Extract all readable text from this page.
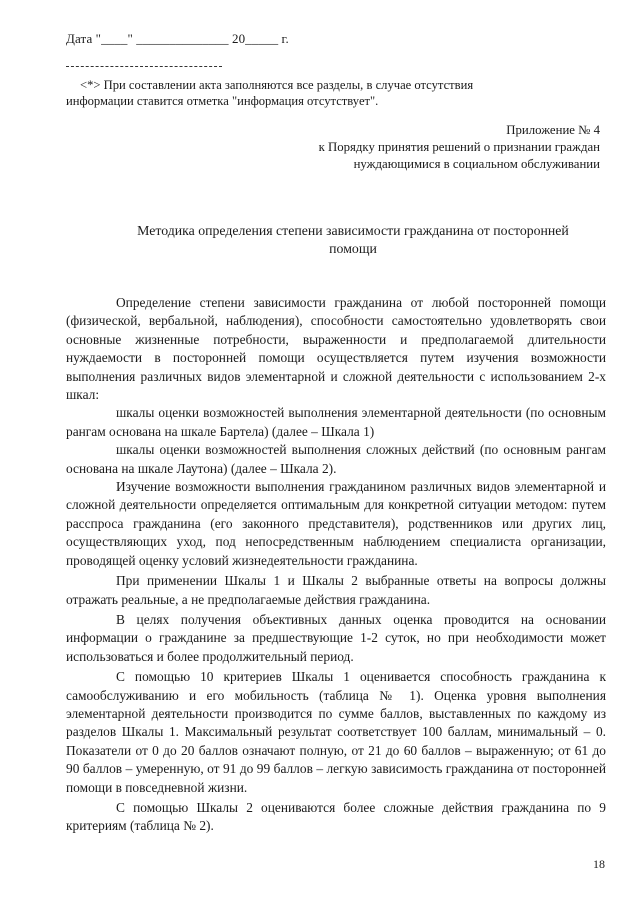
Дата "____" ______________ 20_____ г.
<*> При составлении акта заполняются все разделы, в случае отсутствия
информации ставится отметка "информация отсутствует".
Приложение № 4
к Порядку принятия решений о признании граждан
нуждающимися в социальном обслуживании
Методика определения степени зависимости гражданина от посторонней
помощи

Определение степени зависимости гражданина от любой посторонней помощи (физической, вербальной, наблюдения), способности самостоятельно удовлетворять свои основные жизненные потребности, выраженности и предполагаемой длительности нуждаемости в посторонней помощи осуществляется путем изучения возможности выполнения различных видов элементарной и сложной деятельности с использованием 2-х шкал:

шкалы оценки возможностей выполнения элементарной деятельности (по основным рангам основана на шкале Бартела) (далее – Шкала 1)

шкалы оценки возможностей выполнения сложных действий (по основным рангам основана на шкале Лаутона) (далее – Шкала 2).

Изучение возможности выполнения гражданином различных видов элементарной и сложной деятельности определяется оптимальным для конкретной ситуации методом: путем расспроса гражданина (его законного представителя), родственников или других лиц, осуществляющих уход, под непосредственным наблюдением специалиста организации, проводящей оценку условий жизнедеятельности гражданина.

При применении Шкалы 1 и Шкалы 2 выбранные ответы на вопросы должны отражать реальные, а не предполагаемые действия гражданина.

В целях получения объективных данных оценка проводится на основании информации о гражданине за предшествующие 1-2 суток, но при необходимости может использоваться и более продолжительный период.

С помощью 10 критериев Шкалы 1 оценивается способность гражданина к самообслуживанию и его мобильность (таблица № 1). Оценка уровня выполнения элементарной деятельности производится по сумме баллов, выставленных по каждому из разделов Шкалы 1. Максимальный результат соответствует 100 баллам, минимальный – 0. Показатели от 0 до 20 баллов означают полную, от 21 до 60 баллов – выраженную; от 61 до 90 баллов – умеренную, от 91 до 99 баллов – легкую зависимость гражданина от посторонней помощи в повседневной жизни.

С помощью Шкалы 2 оцениваются более сложные действия гражданина по 9 критериям (таблица № 2).

18
